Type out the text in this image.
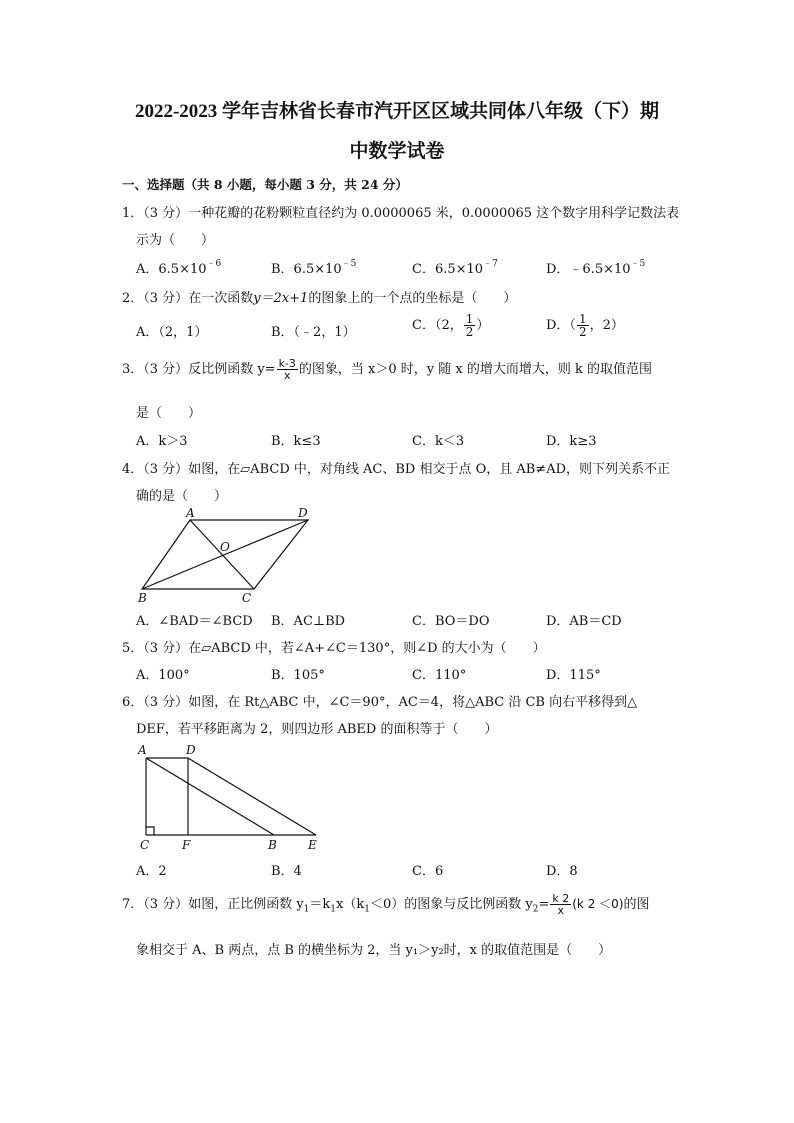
2022-2023 学年吉林省长春市汽开区区域共同体八年级（下）期
中数学试卷
一、选择题（共 8 小题，每小题 3 分，共 24 分）
1．（3 分）一种花瓣的花粉颗粒直径约为 0.0000065 米，0.0000065 这个数字用科学记数法表
示为（　　）
A．$6.5\times 10^{﹣6}$	B．$6.5\times 10^{﹣5}$	C．$6.5\times 10^{﹣7}$	D．$﹣6.5\times 10^{﹣5}$
2．（3 分）在一次函数y＝2x+1的图象上的一个点的坐标是（　　）
A．（2，1）	B．（﹣2，1）	C．（2， $\frac{1}{2}$ ）	D．（ $\frac{1}{2}$ ，2）
3．（3 分）反比例函数 $y= \frac{k-3}{x}$ 的图象，当 x＞0 时，y 随 x 的增大而增大，则 k 的取值范围
是（　　）
A．k＞3	B．k≤3	C．k＜3	D．k≥3
4．（3 分）如图，在▱ABCD 中，对角线 AC、BD 相交于点 O，且 AB≠AD，则下列关系不正
确的是（　　）
A	D
O
B	C
A．∠BAD＝∠BCD B．AC⊥BD	C．BO＝DO	D．AB＝CD
5．（3 分）在▱ABCD 中，若∠A+∠C＝130°，则∠D 的大小为（　　）
A．100°	B．105°	C．110°	D．115°
6．（3 分）如图，在 Rt△ABC 中，∠C＝90°，AC＝4，将△ABC 沿 CB 向右平移得到△
DEF，若平移距离为 2，则四边形 ABED 的面积等于（　　）
A	D
C	F	B	E
A．2	B．4	C．6	D．8
7．（3 分）如图，正比例函数 $y_1=k_1x(k_1<0)$的图象与反比例函数 $y_2= \frac{k 2}{x} (k$ 2 ＜0)的图
象相交于 A、B 两点，点 B 的横坐标为 2，当 y₁＞y₂时，x 的取值范围是（　　）
